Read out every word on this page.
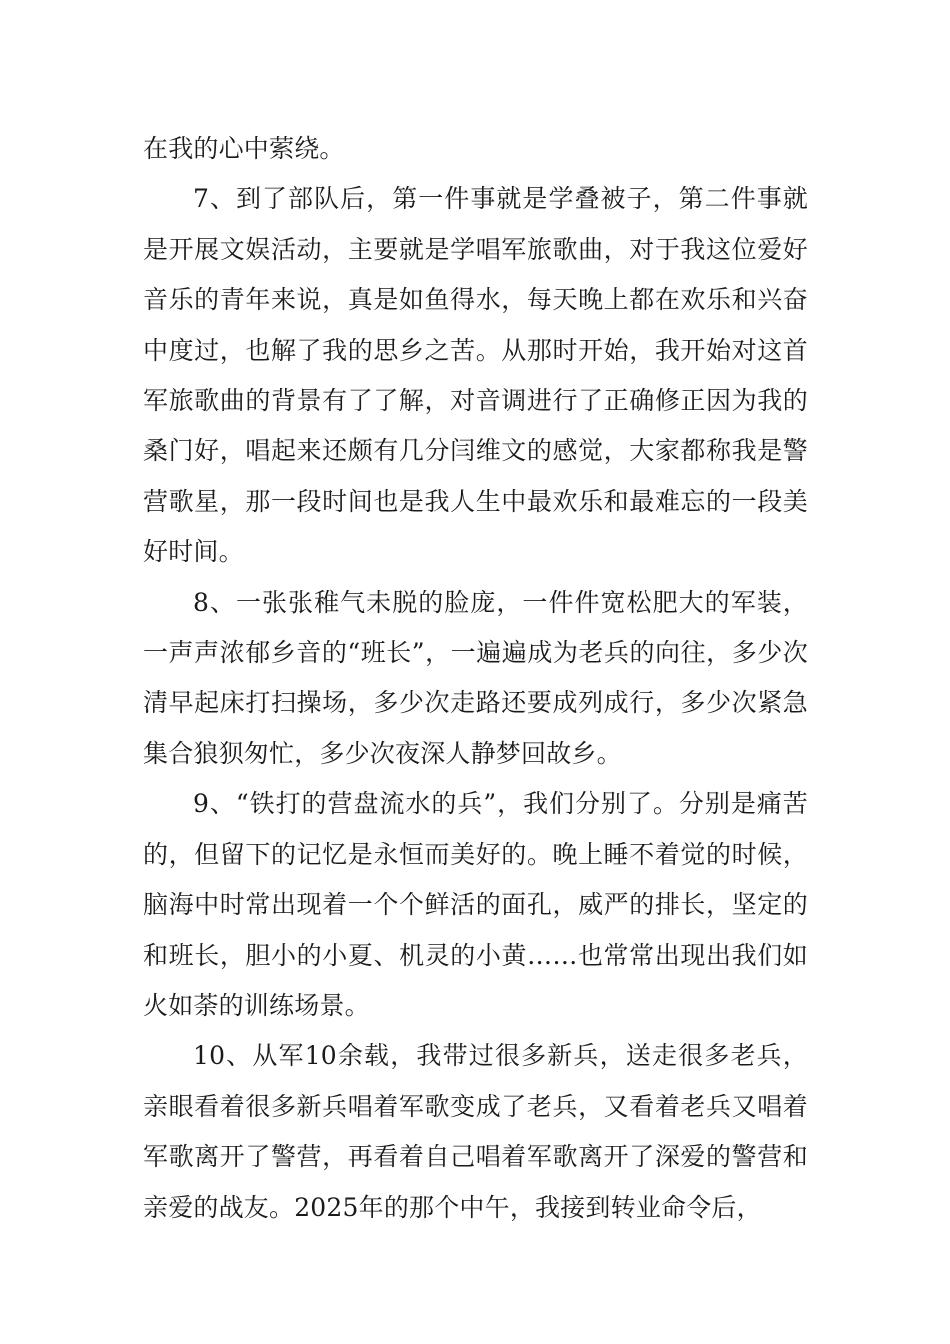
在我的心中萦绕。

7、到了部队后，第一件事就是学叠被子，第二件事就是开展文娱活动，主要就是学唱军旅歌曲，对于我这位爱好音乐的青年来说，真是如鱼得水，每天晚上都在欢乐和兴奋中度过，也解了我的思乡之苦。从那时开始，我开始对这首军旅歌曲的背景有了了解，对音调进行了正确修正因为我的桑门好，唱起来还颇有几分闫维文的感觉，大家都称我是警营歌星，那一段时间也是我人生中最欢乐和最难忘的一段美好时间。

8、一张张稚气未脱的脸庞，一件件宽松肥大的军装，一声声浓郁乡音的“班长”，一遍遍成为老兵的向往，多少次清早起床打扫操场，多少次走路还要成列成行，多少次紧急集合狼狈匆忙，多少次夜深人静梦回故乡。

9、“铁打的营盘流水的兵”，我们分别了。分别是痛苦的，但留下的记忆是永恒而美好的。晚上睡不着觉的时候，脑海中时常出现着一个个鲜活的面孔，威严的排长，坚定的和班长，胆小的小夏、机灵的小黄……也常常出现出我们如火如荼的训练场景。

10、从军10余载，我带过很多新兵，送走很多老兵，亲眼看着很多新兵唱着军歌变成了老兵，又看着老兵又唱着军歌离开了警营，再看着自己唱着军歌离开了深爱的警营和亲爱的战友。2025年的那个中午，我接到转业命令后，
